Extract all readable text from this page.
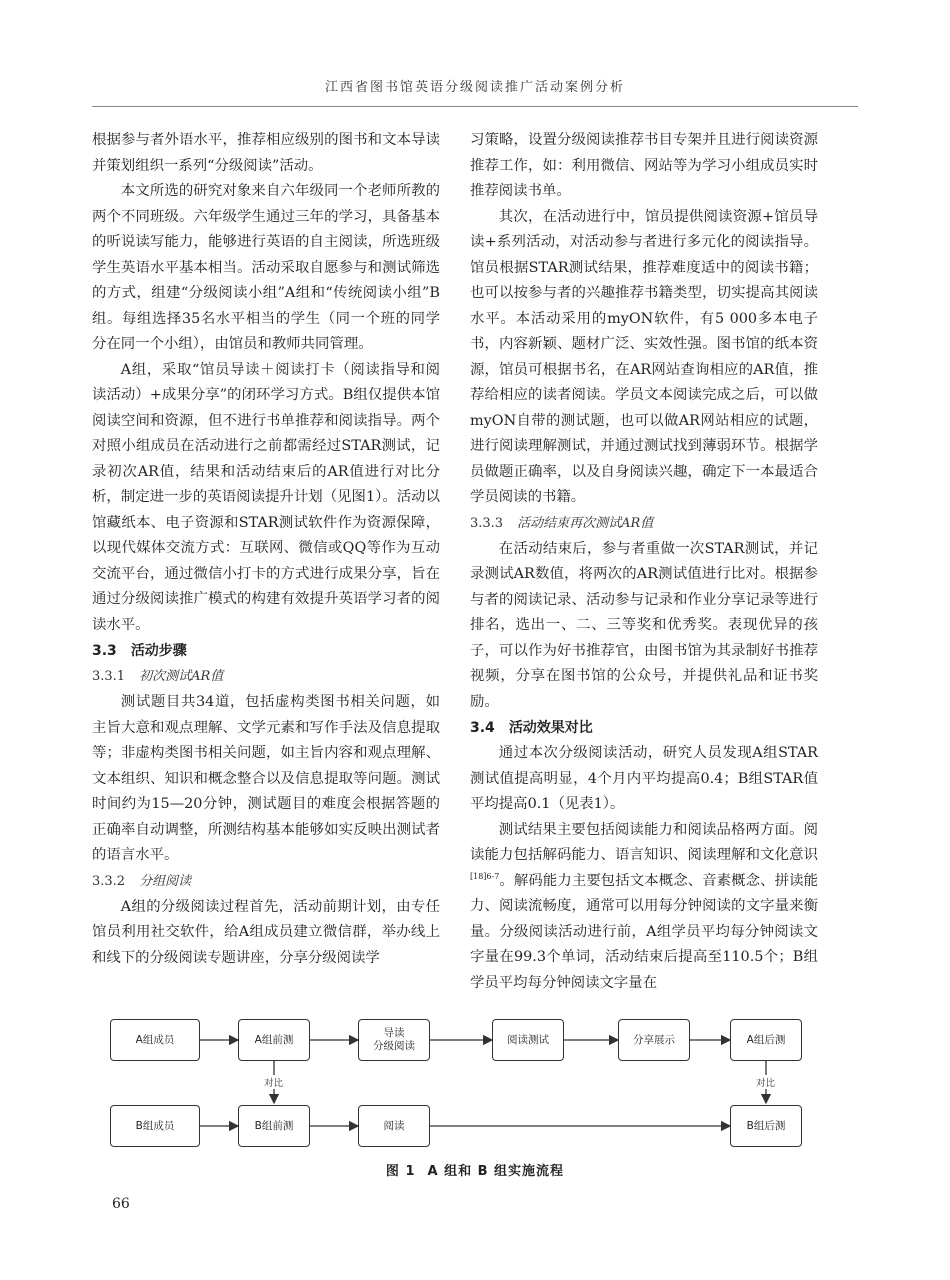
江西省图书馆英语分级阅读推广活动案例分析

根据参与者外语水平，推荐相应级别的图书和文本导读并策划组织一系列“分级阅读”活动。

本文所选的研究对象来自六年级同一个老师所教的两个不同班级。六年级学生通过三年的学习，具备基本的听说读写能力，能够进行英语的自主阅读，所选班级学生英语水平基本相当。活动采取自愿参与和测试筛选的方式，组建“分级阅读小组”A组和“传统阅读小组”B组。每组选择35名水平相当的学生（同一个班的同学分在同一个小组），由馆员和教师共同管理。

A组，采取“馆员导读＋阅读打卡（阅读指导和阅读活动）+成果分享”的闭环学习方式。B组仅提供本馆阅读空间和资源，但不进行书单推荐和阅读指导。两个对照小组成员在活动进行之前都需经过STAR测试，记录初次AR值，结果和活动结束后的AR值进行对比分析，制定进一步的英语阅读提升计划（见图1）。活动以馆藏纸本、电子资源和STAR测试软件作为资源保障，以现代媒体交流方式：互联网、微信或QQ等作为互动交流平台，通过微信小打卡的方式进行成果分享，旨在通过分级阅读推广模式的构建有效提升英语学习者的阅读水平。

3.3 活动步骤
3.3.1 初次测试AR值

测试题目共34道，包括虚构类图书相关问题，如主旨大意和观点理解、文学元素和写作手法及信息提取等；非虚构类图书相关问题，如主旨内容和观点理解、文本组织、知识和概念整合以及信息提取等问题。测试时间约为15—20分钟，测试题目的难度会根据答题的正确率自动调整，所测结构基本能够如实反映出测试者的语言水平。

3.3.2 分组阅读

A组的分级阅读过程首先，活动前期计划，由专任馆员利用社交软件，给A组成员建立微信群，举办线上和线下的分级阅读专题讲座，分享分级阅读学

习策略，设置分级阅读推荐书目专架并且进行阅读资源推荐工作，如：利用微信、网站等为学习小组成员实时推荐阅读书单。

其次，在活动进行中，馆员提供阅读资源+馆员导读+系列活动，对活动参与者进行多元化的阅读指导。馆员根据STAR测试结果，推荐难度适中的阅读书籍；也可以按参与者的兴趣推荐书籍类型，切实提高其阅读水平。本活动采用的myON软件，有5 000多本电子书，内容新颖、题材广泛、实效性强。图书馆的纸本资源，馆员可根据书名，在AR网站查询相应的AR值，推荐给相应的读者阅读。学员文本阅读完成之后，可以做myON自带的测试题，也可以做AR网站相应的试题，进行阅读理解测试，并通过测试找到薄弱环节。根据学员做题正确率，以及自身阅读兴趣，确定下一本最适合学员阅读的书籍。

3.3.3 活动结束再次测试AR值

在活动结束后，参与者重做一次STAR测试，并记录测试AR数值，将两次的AR测试值进行比对。根据参与者的阅读记录、活动参与记录和作业分享记录等进行排名，选出一、二、三等奖和优秀奖。表现优异的孩子，可以作为好书推荐官，由图书馆为其录制好书推荐视频，分享在图书馆的公众号，并提供礼品和证书奖励。

3.4 活动效果对比

通过本次分级阅读活动，研究人员发现A组STAR测试值提高明显，4个月内平均提高0.4；B组STAR值平均提高0.1（见表1）。

测试结果主要包括阅读能力和阅读品格两方面。阅读能力包括解码能力、语言知识、阅读理解和文化意识$^{[18]6-7}$。解码能力主要包括文本概念、音素概念、拼读能力、阅读流畅度，通常可以用每分钟阅读的文字量来衡量。分级阅读活动进行前，A组学员平均每分钟阅读文字量在99.3个单词，活动结束后提高至110.5个；B组学员平均每分钟阅读文字量在

A组成员	A组前测
导读
分级阅读
阅读测试	分享展示	A组后测
B组成员	B组前测	阅读	B组后测
对比	对比
图 1 A 组和 B 组实施流程
66
